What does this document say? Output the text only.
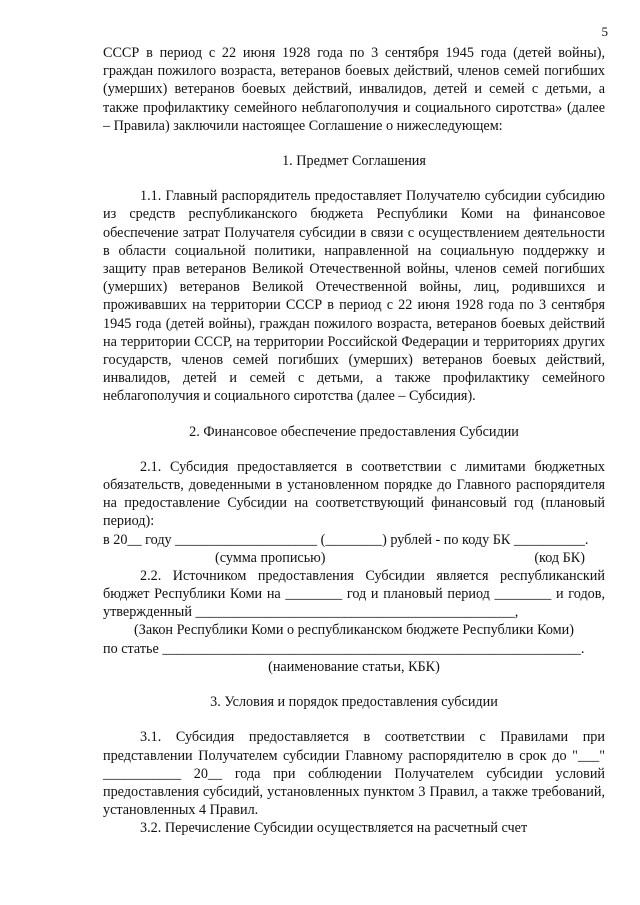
5

СССР в период с 22 июня 1928 года по 3 сентября 1945 года (детей войны), граждан пожилого возраста, ветеранов боевых действий, членов семей погибших (умерших) ветеранов боевых действий, инвалидов, детей и семей с детьми, а также профилактику семейного неблагополучия и социального сиротства» (далее – Правила) заключили настоящее Соглашение о нижеследующем:

1. Предмет Соглашения

1.1. Главный распорядитель предоставляет Получателю субсидии субсидию из средств республиканского бюджета Республики Коми на финансовое обеспечение затрат Получателя субсидии в связи с осуществлением деятельности в области социальной политики, направленной на социальную поддержку и защиту прав ветеранов Великой Отечественной войны, членов семей погибших (умерших) ветеранов Великой Отечественной войны, лиц, родившихся и проживавших на территории СССР в период с 22 июня 1928 года по 3 сентября 1945 года (детей войны), граждан пожилого возраста, ветеранов боевых действий на территории СССР, на территории Российской Федерации и территориях других государств, членов семей погибших (умерших) ветеранов боевых действий, инвалидов, детей и семей с детьми, а также профилактику семейного неблагополучия и социального сиротства (далее – Субсидия).

2. Финансовое обеспечение предоставления Субсидии

2.1. Субсидия предоставляется в соответствии с лимитами бюджетных обязательств, доведенными в установленном порядке до Главного распорядителя на предоставление Субсидии на соответствующий финансовый год (плановый период):

в 20__ году ____________________ (________) рублей - по коду БК __________.
(сумма прописью)	(код БК)

2.2. Источником предоставления Субсидии является республиканский бюджет Республики Коми на ________ год и плановый период ________ и годов, утвержденный _____________________________________________,

(Закон Республики Коми о республиканском бюджете Республики Коми)
по статье ___________________________________________________________.
(наименование статьи, КБК)
3. Условия и порядок предоставления субсидии

3.1. Субсидия предоставляется в соответствии с Правилами при представлении Получателем субсидии Главному распорядителю в срок до "___" ___________ 20__ года при соблюдении Получателем субсидии условий предоставления субсидий, установленных пунктом 3 Правил, а также требований, установленных 4 Правил.

3.2. Перечисление Субсидии осуществляется на расчетный счет
